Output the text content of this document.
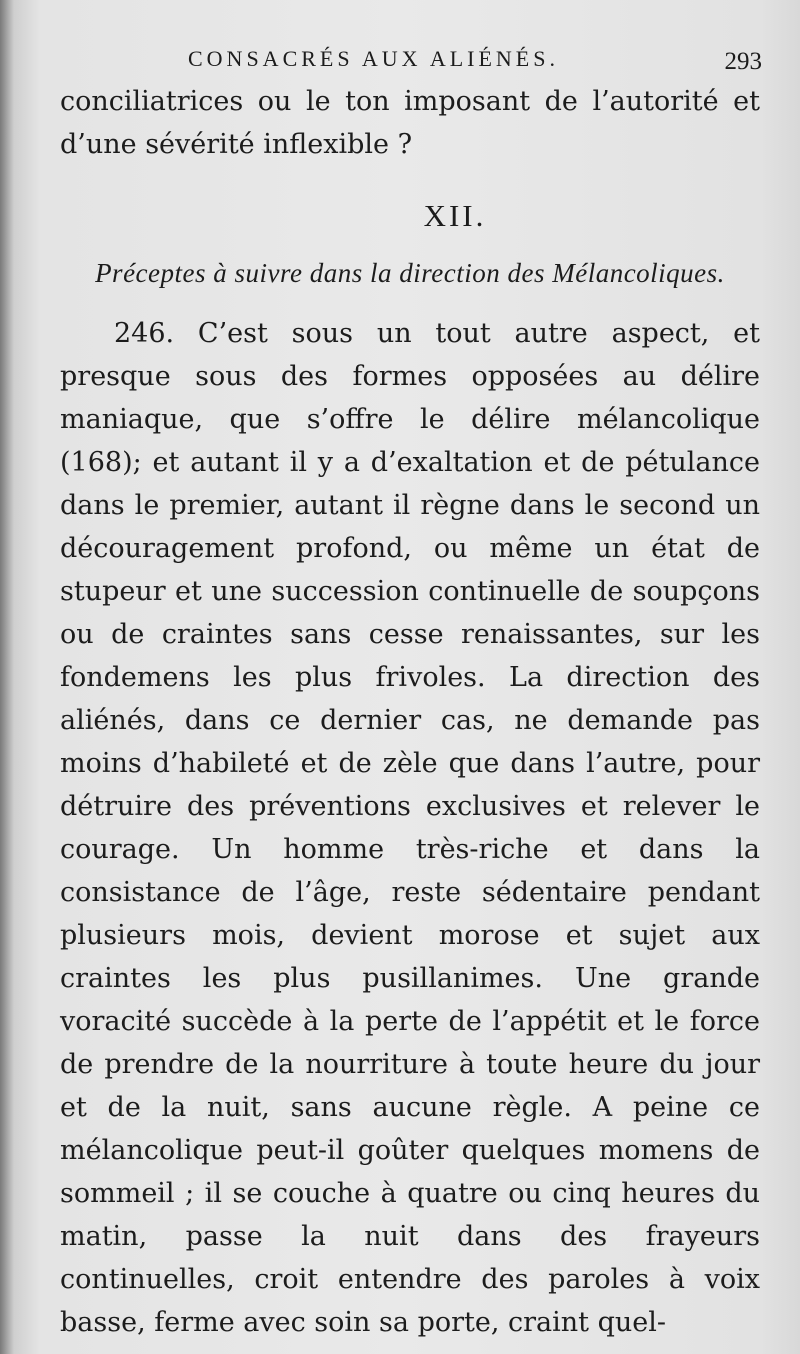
CONSACRÉS AUX ALIÉNÉS.	293

conciliatrices ou le ton imposant de l’autorité et d’une sévérité inflexible ?

XII.
Préceptes à suivre dans la direction des Mélancoliques.

246. C’est sous un tout autre aspect, et presque sous des formes opposées au délire maniaque, que s’offre le délire mélancolique (168); et autant il y a d’exaltation et de pétulance dans le premier, autant il règne dans le second un découragement profond, ou même un état de stupeur et une succession continuelle de soupçons ou de craintes sans cesse renaissantes, sur les fondemens les plus frivoles. La direction des aliénés, dans ce dernier cas, ne demande pas moins d’habileté et de zèle que dans l’autre, pour détruire des préventions exclusives et relever le courage. Un homme très-riche et dans la consistance de l’âge, reste sédentaire pendant plusieurs mois, devient morose et sujet aux craintes les plus pusillanimes. Une grande voracité succède à la perte de l’appétit et le force de prendre de la nourriture à toute heure du jour et de la nuit, sans aucune règle. A peine ce mélancolique peut-il goûter quelques momens de sommeil ; il se couche à quatre ou cinq heures du matin, passe la nuit dans des frayeurs continuelles, croit entendre des paroles à voix basse, ferme avec soin sa porte, craint quel-
